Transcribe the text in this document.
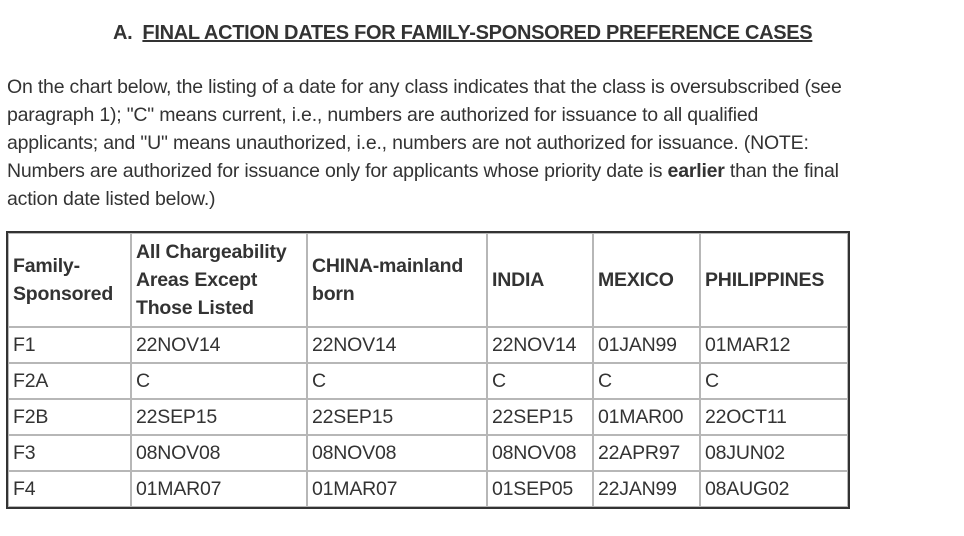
A. FINAL ACTION DATES FOR FAMILY-SPONSORED PREFERENCE CASES

On the chart below, the listing of a date for any class indicates that the class is oversubscribed (see paragraph 1); "C" means current, i.e., numbers are authorized for issuance to all qualified applicants; and "U" means unauthorized, i.e., numbers are not authorized for issuance. (NOTE: Numbers are authorized for issuance only for applicants whose priority date is earlier than the final action date listed below.)

Family-Sponsored	All Chargeability Areas Except Those Listed	CHINA-mainland born	INDIA	MEXICO	PHILIPPINES
F1	22NOV14	22NOV14	22NOV14	01JAN99	01MAR12
F2A	C	C	C	C	C
F2B	22SEP15	22SEP15	22SEP15	01MAR00	22OCT11
F3	08NOV08	08NOV08	08NOV08	22APR97	08JUN02
F4	01MAR07	01MAR07	01SEP05	22JAN99	08AUG02
